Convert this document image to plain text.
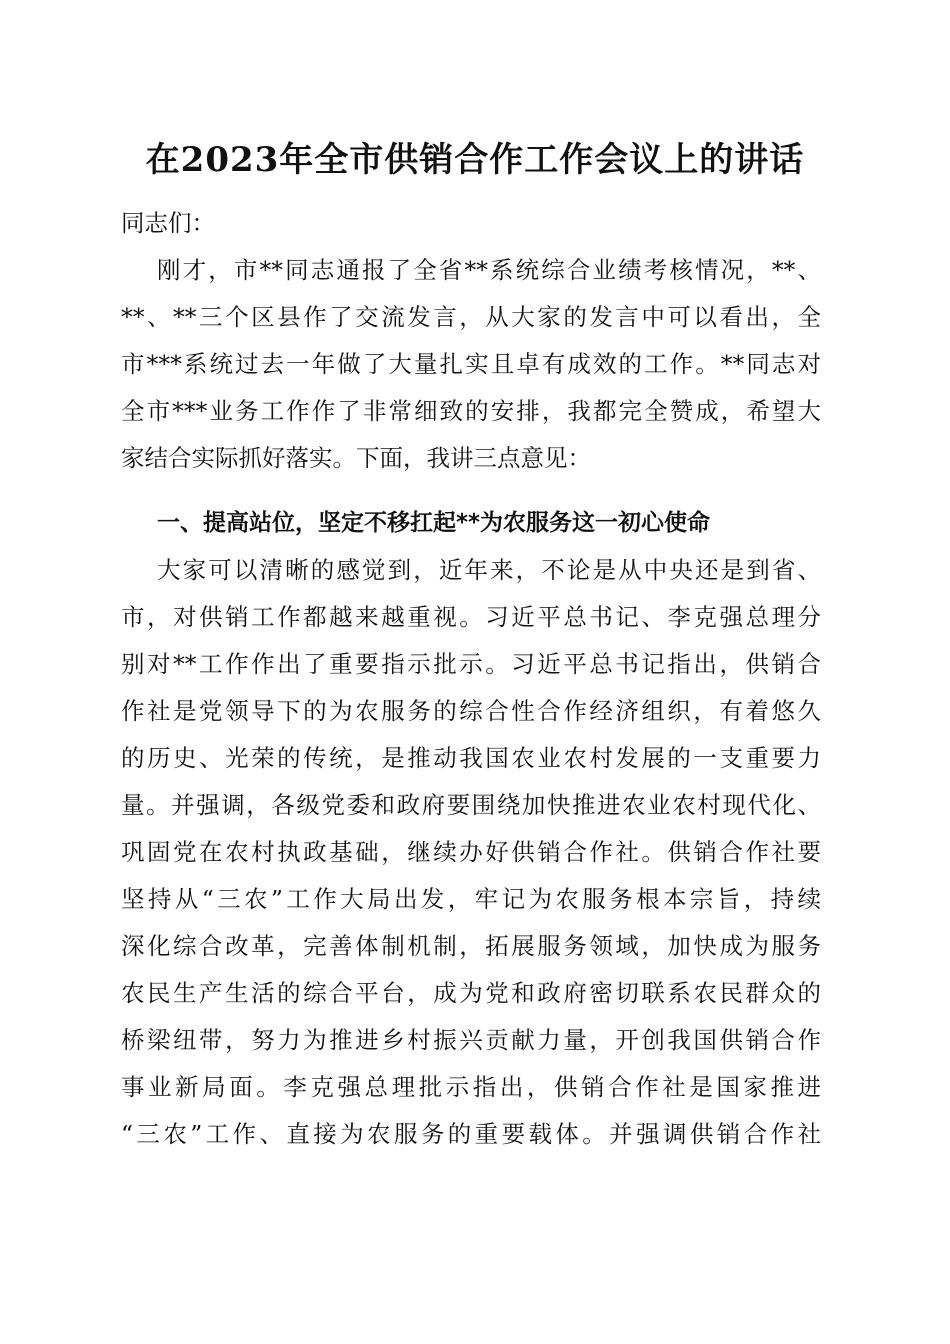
在2023年全市供销合作工作会议上的讲话
同志们：
刚才，市**同志通报了全省**系统综合业绩考核情况，**、
**、**三个区县作了交流发言，从大家的发言中可以看出，全
市***系统过去一年做了大量扎实且卓有成效的工作。**同志对
全市***业务工作作了非常细致的安排，我都完全赞成，希望大
家结合实际抓好落实。下面，我讲三点意见：
一、提高站位，坚定不移扛起**为农服务这一初心使命
大家可以清晰的感觉到，近年来，不论是从中央还是到省、
市，对供销工作都越来越重视。习近平总书记、李克强总理分
别对**工作作出了重要指示批示。习近平总书记指出，供销合
作社是党领导下的为农服务的综合性合作经济组织，有着悠久
的历史、光荣的传统，是推动我国农业农村发展的一支重要力
量。并强调，各级党委和政府要围绕加快推进农业农村现代化、
巩固党在农村执政基础，继续办好供销合作社。供销合作社要
坚持从“三农”工作大局出发，牢记为农服务根本宗旨，持续
深化综合改革，完善体制机制，拓展服务领域，加快成为服务
农民生产生活的综合平台，成为党和政府密切联系农民群众的
桥梁纽带，努力为推进乡村振兴贡献力量，开创我国供销合作
事业新局面。李克强总理批示指出，供销合作社是国家推进
“三农”工作、直接为农服务的重要载体。并强调供销合作社
